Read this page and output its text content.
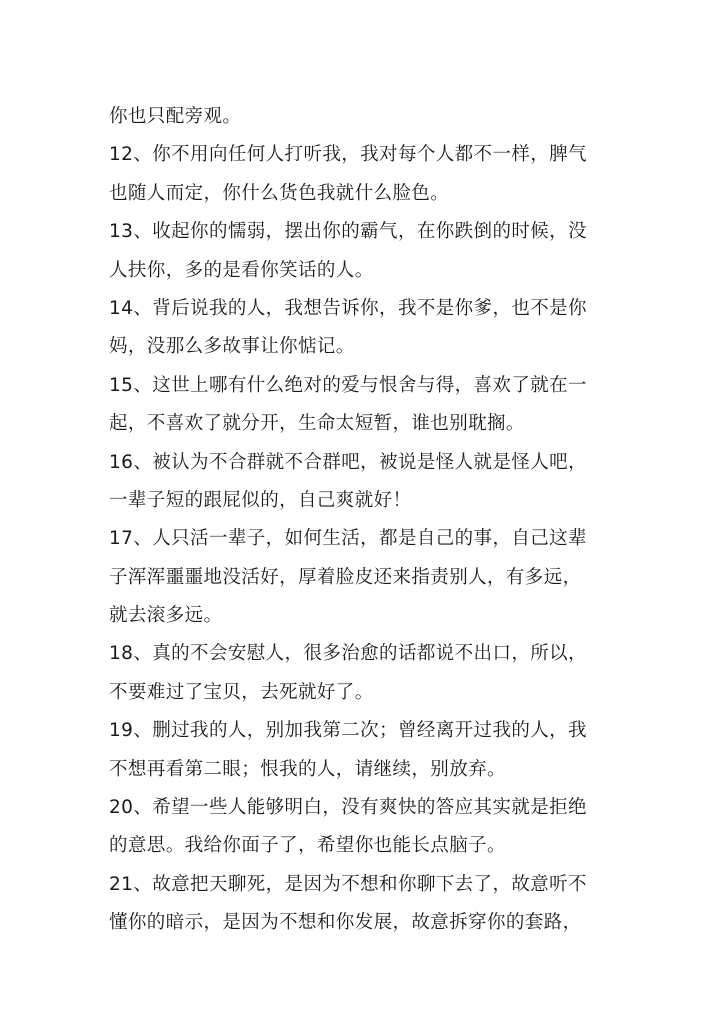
你也只配旁观。
12、你不用向任何人打听我，我对每个人都不一样，脾气
也随人而定，你什么货色我就什么脸色。
13、收起你的懦弱，摆出你的霸气，在你跌倒的时候，没
人扶你，多的是看你笑话的人。
14、背后说我的人，我想告诉你，我不是你爹，也不是你
妈，没那么多故事让你惦记。
15、这世上哪有什么绝对的爱与恨舍与得，喜欢了就在一
起，不喜欢了就分开，生命太短暂，谁也别耽搁。
16、被认为不合群就不合群吧，被说是怪人就是怪人吧，
一辈子短的跟屁似的，自己爽就好！
17、人只活一辈子，如何生活，都是自己的事，自己这辈
子浑浑噩噩地没活好，厚着脸皮还来指责别人，有多远，
就去滚多远。
18、真的不会安慰人，很多治愈的话都说不出口，所以，
不要难过了宝贝，去死就好了。
19、删过我的人，别加我第二次；曾经离开过我的人，我
不想再看第二眼；恨我的人，请继续，别放弃。
20、希望一些人能够明白，没有爽快的答应其实就是拒绝
的意思。我给你面子了，希望你也能长点脑子。
21、故意把天聊死，是因为不想和你聊下去了，故意听不
懂你的暗示，是因为不想和你发展，故意拆穿你的套路，
